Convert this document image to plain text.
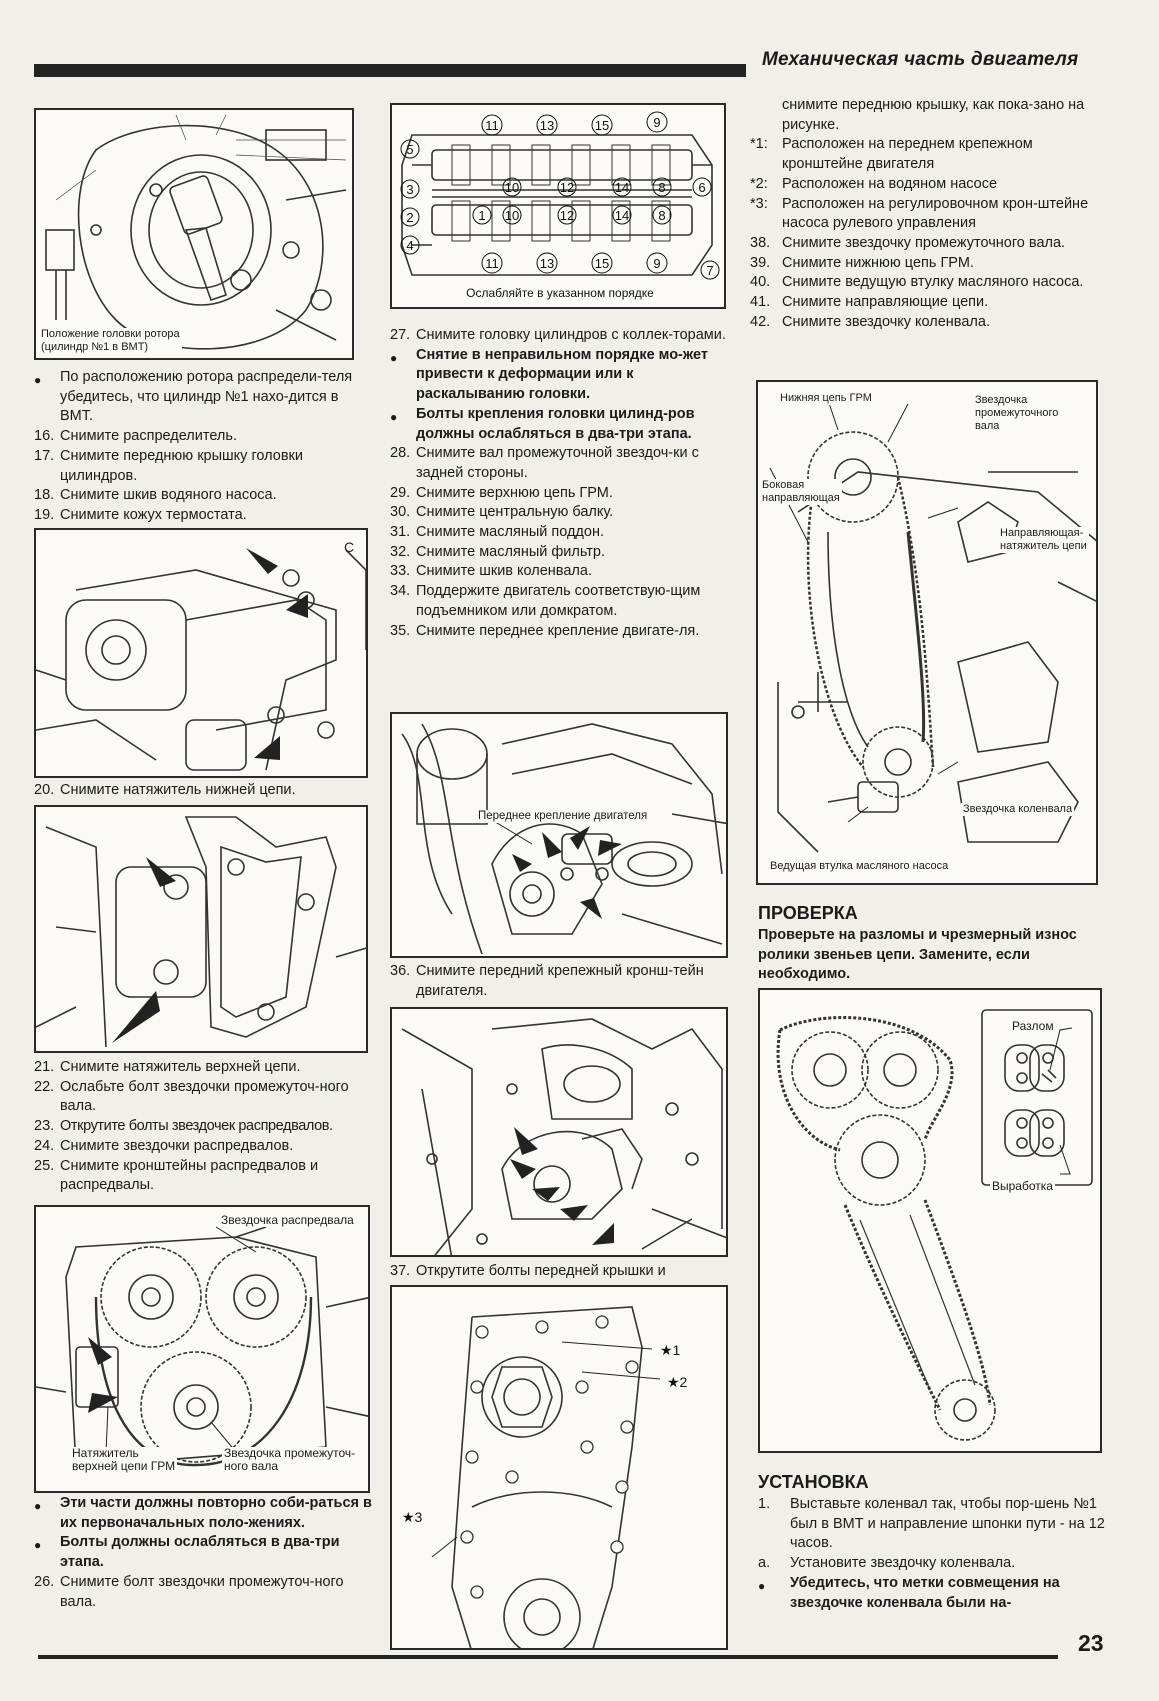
Механическая часть двигателя
23
Положение головки ротора
(цилиндр №1 в ВМТ)
●	По расположению ротора распредели-теля убедитесь, что цилиндр №1 нахо-дится в ВМТ.
16. Снимите распределитель.
17. Снимите переднюю крышку головки цилиндров.
18. Снимите шкив водяного насоса.
19. Снимите кожух термостата.
C
20. Снимите натяжитель нижней цепи.
21. Снимите натяжитель верхней цепи.
22. Ослабьте болт звездочки промежуточ-ного вала.
23. Открутите болты звездочек распредвалов.
24. Снимите звездочки распредвалов.
25. Снимите кронштейны распредвалов и распредвалы.
Звездочка распредвала
Натяжитель
верхней цепи ГРМ
Звездочка промежуточ-
ного вала
●	Эти части должны повторно соби-раться в их первоначальных поло-жениях.
●	Болты должны ослабляться в два-три этапа.
26. Снимите болт звездочки промежуточ-ного вала.
11	13	15	9
11	13	15	9
5
3
2
4
10	12	14 8	6
1 10	12	14 8
7
Ослабляйте в указанном порядке
27. Снимите головку цилиндров с коллек-торами.
●	Снятие в неправильном порядке мо-жет привести к деформации или к раскалыванию головки.
●	Болты крепления головки цилинд-ров должны ослабляться в два-три этапа.
28. Снимите вал промежуточной звездоч-ки с задней стороны.
29. Снимите верхнюю цепь ГРМ.
30. Снимите центральную балку.
31. Снимите масляный поддон.
32. Снимите масляный фильтр.
33. Снимите шкив коленвала.
34. Поддержите двигатель соответствую-щим подъемником или домкратом.
35. Снимите переднее крепление двигате-ля.
Переднее крепление двигателя
36. Снимите передний крепежный кронш-тейн двигателя.
37. Открутите болты передней крышки и
★1
★2
★3
снимите переднюю крышку, как пока-зано на рисунке.
*1: Расположен на переднем крепежном кронштейне двигателя
*2: Расположен на водяном насосе
*3: Расположен на регулировочном крон-штейне насоса рулевого управления
38. Снимите звездочку промежуточного вала.
39. Снимите нижнюю цепь ГРМ.
40. Снимите ведущую втулку масляного насоса.
41. Снимите направляющие цепи.
42. Снимите звездочку коленвала.
Нижняя цепь ГРМ	Звездочка
промежуточного
вала
Боковая
направляющая
Направляющая-
натяжитель цепи
Звездочка коленвала
Ведущая втулка масляного насоса
ПРОВЕРКА
Проверьте на разломы и чрезмерный износ ролики звеньев цепи. Замените, если необходимо.
Разлом
Выработка
УСТАНОВКА
1.	Выставьте коленвал так, чтобы пор-шень №1 был в ВМТ и направление шпонки пути - на 12 часов.
a.	Установите звездочку коленвала.
●	Убедитесь, что метки совмещения на звездочке коленвала были на-
